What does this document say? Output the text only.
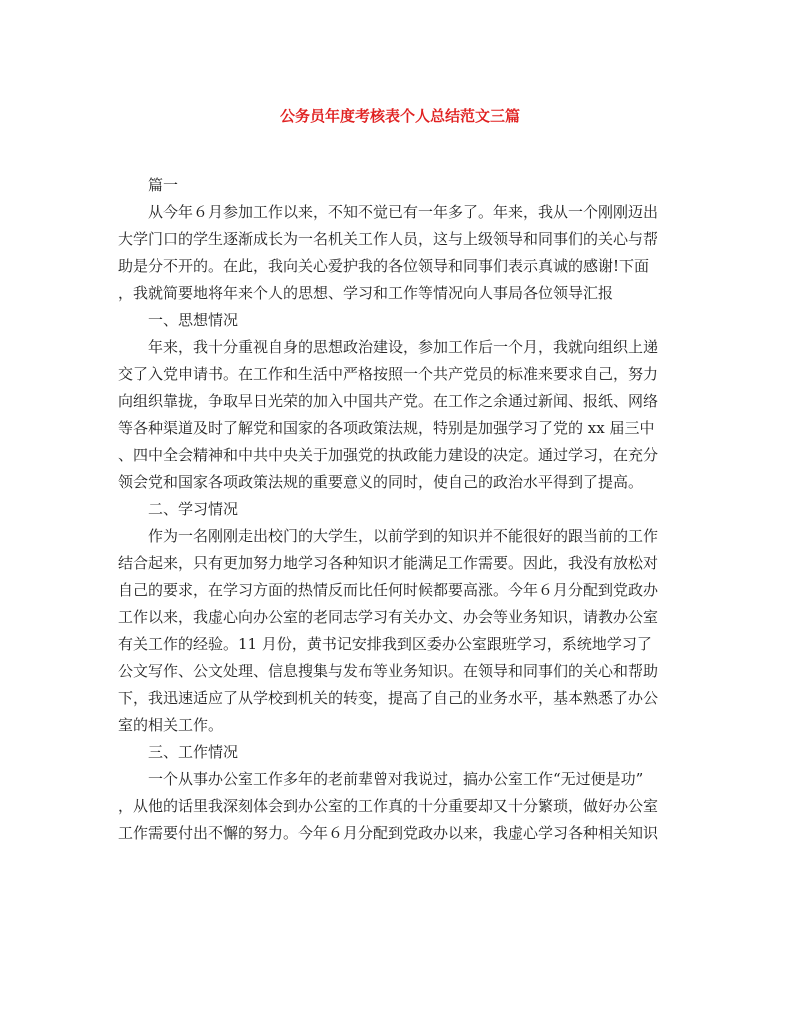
公务员年度考核表个人总结范文三篇
篇一
从今年６月参加工作以来，不知不觉已有一年多了。年来，我从一个刚刚迈出
大学门口的学生逐渐成长为一名机关工作人员，这与上级领导和同事们的关心与帮
助是分不开的。在此，我向关心爱护我的各位领导和同事们表示真诚的感谢!下面
，我就简要地将年来个人的思想、学习和工作等情况向人事局各位领导汇报
一、思想情况
年来，我十分重视自身的思想政治建设，参加工作后一个月，我就向组织上递
交了入党申请书。在工作和生活中严格按照一个共产党员的标准来要求自己，努力
向组织靠拢，争取早日光荣的加入中国共产党。在工作之余通过新闻、报纸、网络
等各种渠道及时了解党和国家的各项政策法规，特别是加强学习了党的 xx 届三中
、四中全会精神和中共中央关于加强党的执政能力建设的决定。通过学习，在充分
领会党和国家各项政策法规的重要意义的同时，使自己的政治水平得到了提高。
二、学习情况
作为一名刚刚走出校门的大学生，以前学到的知识并不能很好的跟当前的工作
结合起来，只有更加努力地学习各种知识才能满足工作需要。因此，我没有放松对
自己的要求，在学习方面的热情反而比任何时候都要高涨。今年６月分配到党政办
工作以来，我虚心向办公室的老同志学习有关办文、办会等业务知识，请教办公室
有关工作的经验。11 月份，黄书记安排我到区委办公室跟班学习，系统地学习了
公文写作、公文处理、信息搜集与发布等业务知识。在领导和同事们的关心和帮助
下，我迅速适应了从学校到机关的转变，提高了自己的业务水平，基本熟悉了办公
室的相关工作。
三、工作情况
一个从事办公室工作多年的老前辈曾对我说过，搞办公室工作“无过便是功”
，从他的话里我深刻体会到办公室的工作真的十分重要却又十分繁琐，做好办公室
工作需要付出不懈的努力。今年６月分配到党政办以来，我虚心学习各种相关知识
